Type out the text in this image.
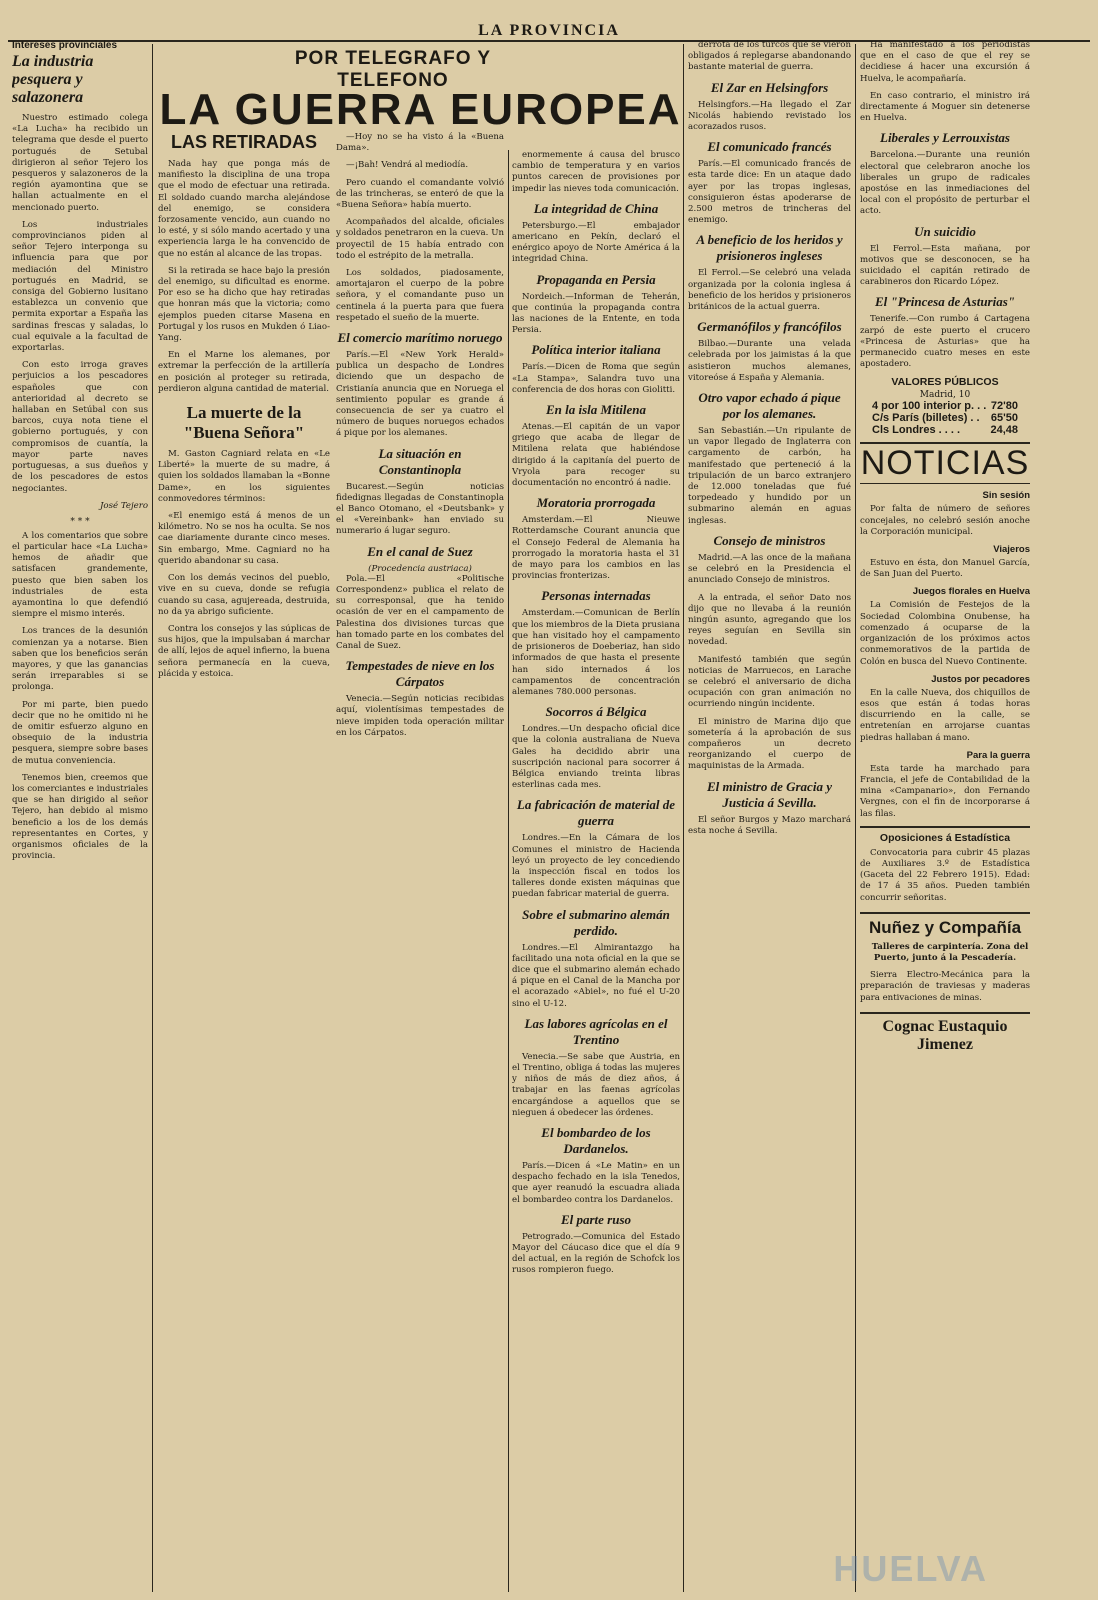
LA PROVINCIA
POR TELEGRAFO Y TELEFONO
LA GUERRA EUROPEA
Intereses provinciales
La industria pesquera y salazonera

Nuestro estimado colega «La Lucha» ha recibido un telegrama que desde el puerto portugués de Setubal dirigieron al señor Tejero los pesqueros y salazoneros de la región ayamontina que se hallan actualmente en el mencionado puerto.

Los industriales comprovincianos piden al señor Tejero interponga su influencia para que por mediación del Ministro portugués en Madrid, se consiga del Gobierno lusitano establezca un convenio que permita exportar a España las sardinas frescas y saladas, lo cual equivale a la facultad de exportarlas.

Con esto irroga graves perjuicios a los pescadores españoles que con anterioridad al decreto se hallaban en Setúbal con sus barcos, cuya nota tiene el gobierno portugués, y con compromisos de cuantía, la mayor parte naves portuguesas, a sus dueños y de los pescadores de estos negociantes.

José Tejero
* * *

A los comentarios que sobre el particular hace «La Lucha» hemos de añadir que satisfacen grandemente, puesto que bien saben los industriales de esta ayamontina lo que defendió siempre el mismo interés.

Los trances de la desunión comienzan ya a notarse. Bien saben que los beneficios serán mayores, y que las ganancias serán irreparables si se prolonga.

Por mi parte, bien puedo decir que no he omitido ni he de omitir esfuerzo alguno en obsequio de la industria pesquera, siempre sobre bases de mutua conveniencia.

Tenemos bien, creemos que los comerciantes e industriales que se han dirigido al señor Tejero, han debido al mismo beneficio a los de los demás representantes en Cortes, y organismos oficiales de la provincia.

LAS RETIRADAS

Nada hay que ponga más de manifiesto la disciplina de una tropa que el modo de efectuar una retirada. El soldado cuando marcha alejándose del enemigo, se considera forzosamente vencido, aun cuando no lo esté, y si sólo mando acertado y una experiencia larga le ha convencido de que no están al alcance de las tropas.

Si la retirada se hace bajo la presión del enemigo, su dificultad es enorme. Por eso se ha dicho que hay retiradas que honran más que la victoria; como ejemplos pueden citarse Masena en Portugal y los rusos en Mukden ó Liao-Yang.

En el Marne los alemanes, por extremar la perfección de la artillería en posición al proteger su retirada, perdieron alguna cantidad de material.

La muerte de la "Buena Señora"

M. Gaston Cagniard relata en «Le Liberté» la muerte de su madre, á quien los soldados llamaban la «Bonne Dame», en los siguientes conmovedores términos:

«El enemigo está á menos de un kilómetro. No se nos ha oculta. Se nos cae diariamente durante cinco meses. Sin embargo, Mme. Cagniard no ha querido abandonar su casa.

Con los demás vecinos del pueblo, vive en su cueva, donde se refugia cuando su casa, agujereada, destruida, no da ya abrigo suficiente.

Contra los consejos y las súplicas de sus hijos, que la impulsaban á marchar de allí, lejos de aquel infierno, la buena señora permanecía en la cueva, plácida y estoica.

—Hoy no se ha visto á la «Buena Dama».

—¡Bah! Vendrá al mediodía.

Pero cuando el comandante volvió de las trincheras, se enteró de que la «Buena Señora» había muerto.

Acompañados del alcalde, oficiales y soldados penetraron en la cueva. Un proyectil de 15 había entrado con todo el estrépito de la metralla.

Los soldados, piadosamente, amortajaron el cuerpo de la pobre señora, y el comandante puso un centinela á la puerta para que fuera respetado el sueño de la muerte.

El comercio marítimo noruego

París.—El «New York Herald» publica un despacho de Londres diciendo que un despacho de Cristianía anuncia que en Noruega el sentimiento popular es grande á consecuencia de ser ya cuatro el número de buques noruegos echados á pique por los alemanes.

La situación en Constantinopla

Bucarest.—Según noticias fidedignas llegadas de Constantinopla el Banco Otomano, el «Deutsbank» y el «Vereinbank» han enviado su numerario á lugar seguro.

En el canal de Suez
(Procedencia austriaca)

Pola.—El «Politische Correspondenz» publica el relato de su corresponsal, que ha tenido ocasión de ver en el campamento de Palestina dos divisiones turcas que han tomado parte en los combates del Canal de Suez.

Tempestades de nieve en los Cárpatos

Venecia.—Según noticias recibidas aquí, violentísimas tempestades de nieve impiden toda operación militar en los Cárpatos.

enormemente á causa del brusco cambio de temperatura y en varios puntos carecen de provisiones por impedir las nieves toda comunicación.

La integridad de China

Petersburgo.—El embajador americano en Pekín, declaró el enérgico apoyo de Norte América á la integridad China.

Propaganda en Persia

Nordeich.—Informan de Teherán, que continúa la propaganda contra las naciones de la Entente, en toda Persia.

Política interior italiana

París.—Dicen de Roma que según «La Stampa», Salandra tuvo una conferencia de dos horas con Giolitti.

En la isla Mitilena

Atenas.—El capitán de un vapor griego que acaba de llegar de Mitilena relata que habiéndose dirigido á la capitanía del puerto de Vryola para recoger su documentación no encontró á nadie.

Moratoria prorrogada

Amsterdam.—El Nieuwe Rotterdamsche Courant anuncia que el Consejo Federal de Alemania ha prorrogado la moratoria hasta el 31 de mayo para los cambios en las provincias fronterizas.

Personas internadas

Amsterdam.—Comunican de Berlín que los miembros de la Dieta prusiana que han visitado hoy el campamento de prisioneros de Doeberiaz, han sido informados de que hasta el presente han sido internados á los campamentos de concentración alemanes 780.000 personas.

Socorros á Bélgica

Londres.—Un despacho oficial dice que la colonia australiana de Nueva Gales ha decidido abrir una suscripción nacional para socorrer á Bélgica enviando treinta libras esterlinas cada mes.

La fabricación de material de guerra

Londres.—En la Cámara de los Comunes el ministro de Hacienda leyó un proyecto de ley concediendo la inspección fiscal en todos los talleres donde existen máquinas que puedan fabricar material de guerra.

Sobre el submarino alemán perdido.

Londres.—El Almirantazgo ha facilitado una nota oficial en la que se dice que el submarino alemán echado á pique en el Canal de la Mancha por el acorazado «Abiel», no fué el U-20 sino el U-12.

Las labores agrícolas en el Trentino

Venecia.—Se sabe que Austria, en el Trentino, obliga á todas las mujeres y niños de más de diez años, á trabajar en las faenas agrícolas encargándose a aquellos que se nieguen á obedecer las órdenes.

El bombardeo de los Dardanelos.

París.—Dicen á «Le Matin» en un despacho fechado en la isla Tenedos, que ayer reanudó la escuadra aliada el bombardeo contra los Dardanelos.

El parte ruso

Petrogrado.—Comunica del Estado Mayor del Cáucaso dice que el día 9 del actual, en la región de Schofck los rusos rompieron fuego.

derrota de los turcos que se vieron obligados á replegarse abandonando bastante material de guerra.

El Zar en Helsingfors

Helsingfors.—Ha llegado el Zar Nicolás habiendo revistado los acorazados rusos.

El comunicado francés

París.—El comunicado francés de esta tarde dice: En un ataque dado ayer por las tropas inglesas, consiguieron éstas apoderarse de 2.500 metros de trincheras del enemigo.

A beneficio de los heridos y prisioneros ingleses

El Ferrol.—Se celebró una velada organizada por la colonia inglesa á beneficio de los heridos y prisioneros británicos de la actual guerra.

Germanófilos y francófilos

Bilbao.—Durante una velada celebrada por los jaimistas á la que asistieron muchos alemanes, vitoreóse á España y Alemania.

Otro vapor echado á pique por los alemanes.

San Sebastián.—Un ripulante de un vapor llegado de Inglaterra con cargamento de carbón, ha manifestado que perteneció á la tripulación de un barco extranjero de 12.000 toneladas que fué torpedeado y hundido por un submarino alemán en aguas inglesas.

Consejo de ministros

Madrid.—A las once de la mañana se celebró en la Presidencia el anunciado Consejo de ministros.

A la entrada, el señor Dato nos dijo que no llevaba á la reunión ningún asunto, agregando que los reyes seguían en Sevilla sin novedad.

Manifestó también que según noticias de Marruecos, en Larache se celebró el aniversario de dicha ocupación con gran animación no ocurriendo ningún incidente.

El ministro de Marina dijo que sometería á la aprobación de sus compañeros un decreto reorganizando el cuerpo de maquinistas de la Armada.

El ministro de Gracia y Justicia á Sevilla.

El señor Burgos y Mazo marchará esta noche á Sevilla.

Ha manifestado á los periodistas que en el caso de que el rey se decidiese á hacer una excursión á Huelva, le acompañaría.

En caso contrario, el ministro irá directamente á Moguer sin detenerse en Huelva.

Liberales y Lerrouxistas

Barcelona.—Durante una reunión electoral que celebraron anoche los liberales un grupo de radicales apostóse en las inmediaciones del local con el propósito de perturbar el acto.

Un suicidio

El Ferrol.—Esta mañana, por motivos que se desconocen, se ha suicidado el capitán retirado de carabineros don Ricardo López.

El "Princesa de Asturias"

Tenerife.—Con rumbo á Cartagena zarpó de este puerto el crucero «Princesa de Asturias» que ha permanecido cuatro meses en este apostadero.

VALORES PÚBLICOS
Madrid, 10
4 por 100 interior p. . . 72'80
C/s París (billetes) . . 65'50
Cls Londres . . . .	24,48
NOTICIAS
Sin sesión

Por falta de número de señores concejales, no celebró sesión anoche la Corporación municipal.

Viajeros

Estuvo en ésta, don Manuel García, de San Juan del Puerto.

Juegos florales en Huelva

La Comisión de Festejos de la Sociedad Colombina Onubense, ha comenzado á ocuparse de la organización de los próximos actos conmemorativos de la partida de Colón en busca del Nuevo Continente.

Justos por pecadores

En la calle Nueva, dos chiquillos de esos que están á todas horas discurriendo en la calle, se entretenían en arrojarse cuantas piedras hallaban á mano.

Para la guerra

Esta tarde ha marchado para Francia, el jefe de Contabilidad de la mina «Campanario», don Fernando Vergnes, con el fin de incorporarse á las filas.

Oposiciones á Estadística

Convocatoria para cubrir 45 plazas de Auxiliares 3.º de Estadística (Gaceta del 22 Febrero 1915). Edad: de 17 á 35 años. Pueden también concurrir señoritas.

Nuñez y Compañía

Talleres de carpintería. Zona del Puerto, junto á la Pescadería.

Sierra Electro-Mecánica para la preparación de traviesas y maderas para entivaciones de minas.

Cognac Eustaquio Jimenez
HUELVA
